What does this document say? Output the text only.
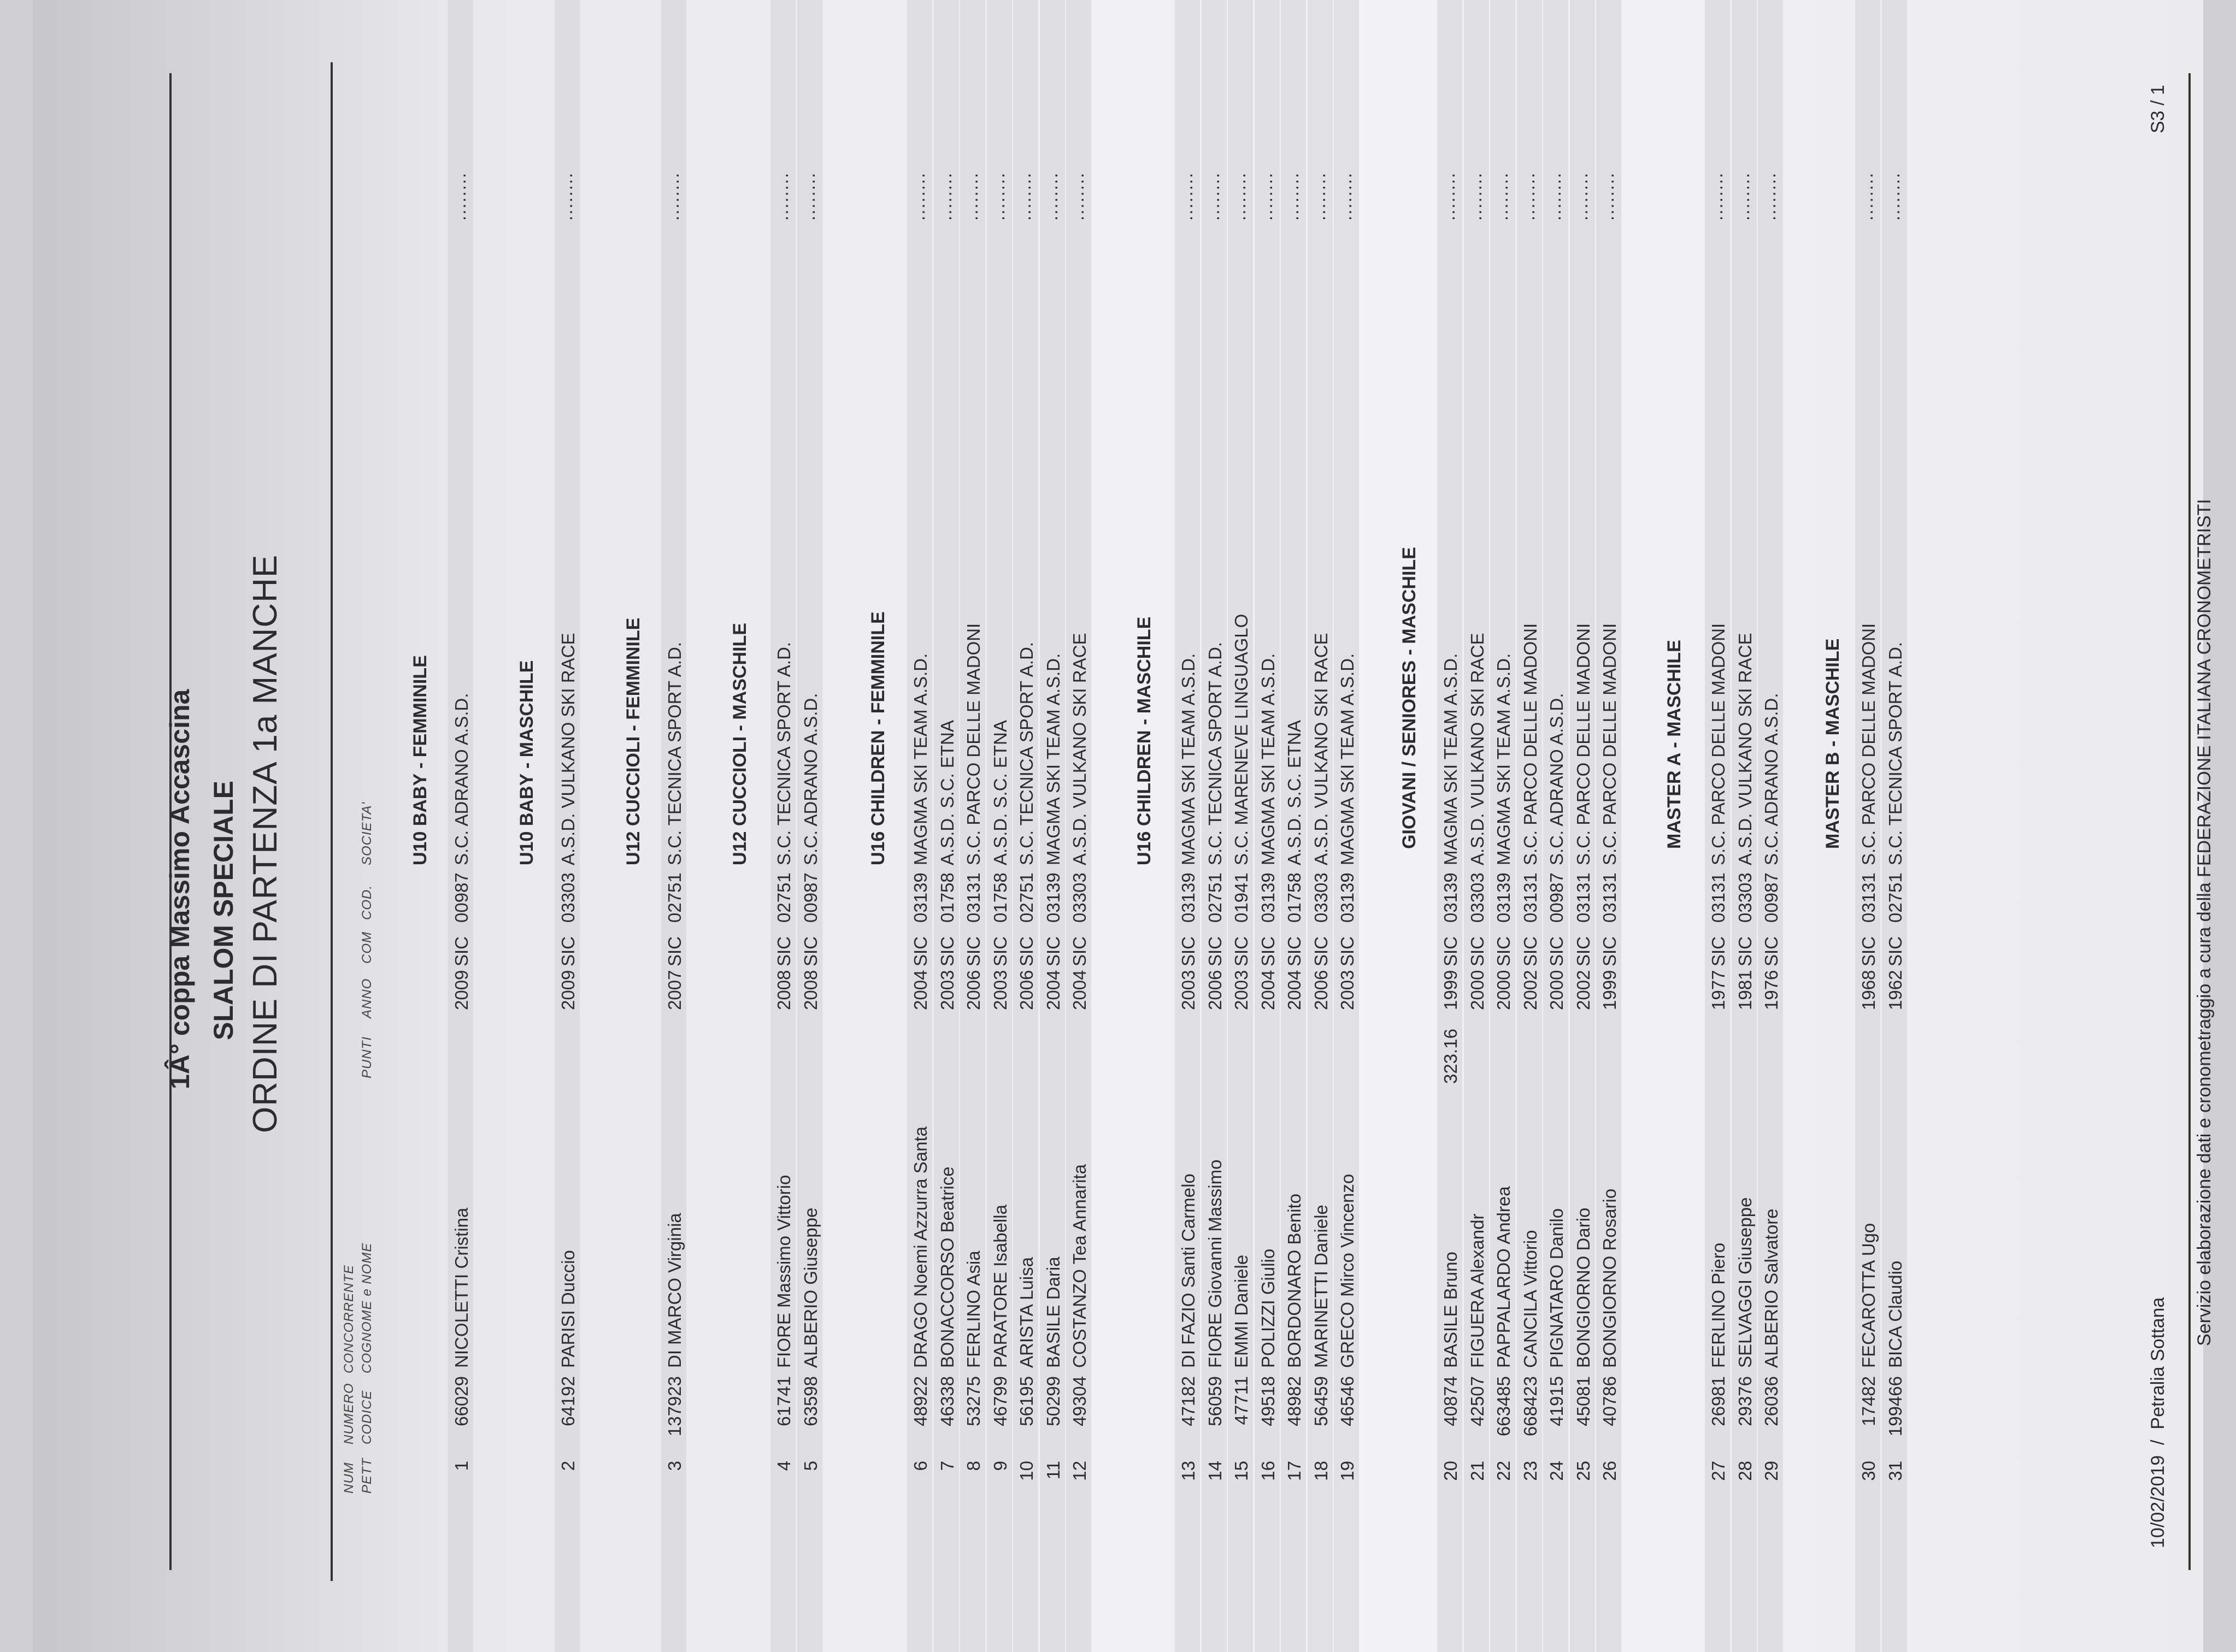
1Â° coppa Massimo Accascina SLALOM SPECIALE ORDINE DI PARTENZA 1a MANCHE
NUM PETT
NUMERO CODICE
CONCORRENTE COGNOME e NOME
PUNTI
ANNO
COM
COD.
SOCIETA' U10 BABY - FEMMINILE
1
66029
NICOLETTI Cristina
2009
SIC
00987
S.C. ADRANO A.S.D.
........
U10 BABY - MASCHILE
2
64192
PARISI Duccio
2009
SIC
03303
A.S.D. VULKANO SKI RACE
........
U12 CUCCIOLI - FEMMINILE
3
137923
DI MARCO Virginia
2007
SIC
02751
S.C. TECNICA SPORT A.D.
........
U12 CUCCIOLI - MASCHILE
4
61741
FIORE Massimo Vittorio
2008
SIC
02751
S.C. TECNICA SPORT A.D.
........
5
63598
ALBERIO Giuseppe
2008
SIC
00987
S.C. ADRANO A.S.D.
........
U16 CHILDREN - FEMMINILE
6
48922
DRAGO Noemi Azzurra Santa
2004
SIC
03139
MAGMA SKI TEAM A.S.D.
........
7
46338
BONACCORSO Beatrice
2003
SIC
01758
A.S.D. S.C. ETNA
........
8
53275
FERLINO Asia
2006
SIC
03131
S.C. PARCO DELLE MADONI
........
9
46799
PARATORE Isabella
2003
SIC
01758
A.S.D. S.C. ETNA
........
10
56195
ARISTA Luisa
2006
SIC
02751
S.C. TECNICA SPORT A.D.
........
11
50299
BASILE Daria
2004
SIC
03139
MAGMA SKI TEAM A.S.D.
........
12
49304
COSTANZO Tea Annarita
2004
SIC
03303
A.S.D. VULKANO SKI RACE
........
U16 CHILDREN - MASCHILE
13
47182
DI FAZIO Santi Carmelo
2003
SIC
03139
MAGMA SKI TEAM A.S.D.
........
14
56059
FIORE Giovanni Massimo
2006
SIC
02751
S.C. TECNICA SPORT A.D.
........
15
47711
EMMI Daniele
2003
SIC
01941
S.C. MARENEVE LINGUAGLO
........
16
49518
POLIZZI Giulio
2004
SIC
03139
MAGMA SKI TEAM A.S.D.
........
17
48982
BORDONARO Benito
2004
SIC
01758
A.S.D. S.C. ETNA
........
18
56459
MARINETTI Daniele
2006
SIC
03303
A.S.D. VULKANO SKI RACE
........
19
46546
GRECO Mirco Vincenzo
2003
SIC
03139
MAGMA SKI TEAM A.S.D.
........
GIOVANI / SENIORES - MASCHILE
20
40874
BASILE Bruno
323.16
1999
SIC
03139
MAGMA SKI TEAM A.S.D.
........
21
42507
FIGUERA Alexandr
2000
SIC
03303
A.S.D. VULKANO SKI RACE
........
22
663485
PAPPALARDO Andrea
2000
SIC
03139
MAGMA SKI TEAM A.S.D.
........
23
668423
CANCILA Vittorio
2002
SIC
03131
S.C. PARCO DELLE MADONI
........
24
41915
PIGNATARO Danilo
2000
SIC
00987
S.C. ADRANO A.S.D.
........
25
45081
BONGIORNO Dario
2002
SIC
03131
S.C. PARCO DELLE MADONI
........
26
40786
BONGIORNO Rosario
1999
SIC
03131
S.C. PARCO DELLE MADONI
........
MASTER A - MASCHILE
27
26981
FERLINO Piero
1977
SIC
03131
S.C. PARCO DELLE MADONI
........
28
29376
SELVAGGI Giuseppe
1981
SIC
03303
A.S.D. VULKANO SKI RACE
........
29
26036
ALBERIO Salvatore
1976
SIC
00987
S.C. ADRANO A.S.D.
........
MASTER B - MASCHILE
30
17482
FECAROTTA Ugo
1968
SIC
03131
S.C. PARCO DELLE MADONI
........
31
199466
BICA Claudio
1962
SIC
02751
S.C. TECNICA SPORT A.D.
........
10/02/2019  /  Petralia Sottana
S3 / 1
Servizio elaborazione dati e cronometraggio a cura della FEDERAZIONE ITALIANA CRONOMETRISTI
